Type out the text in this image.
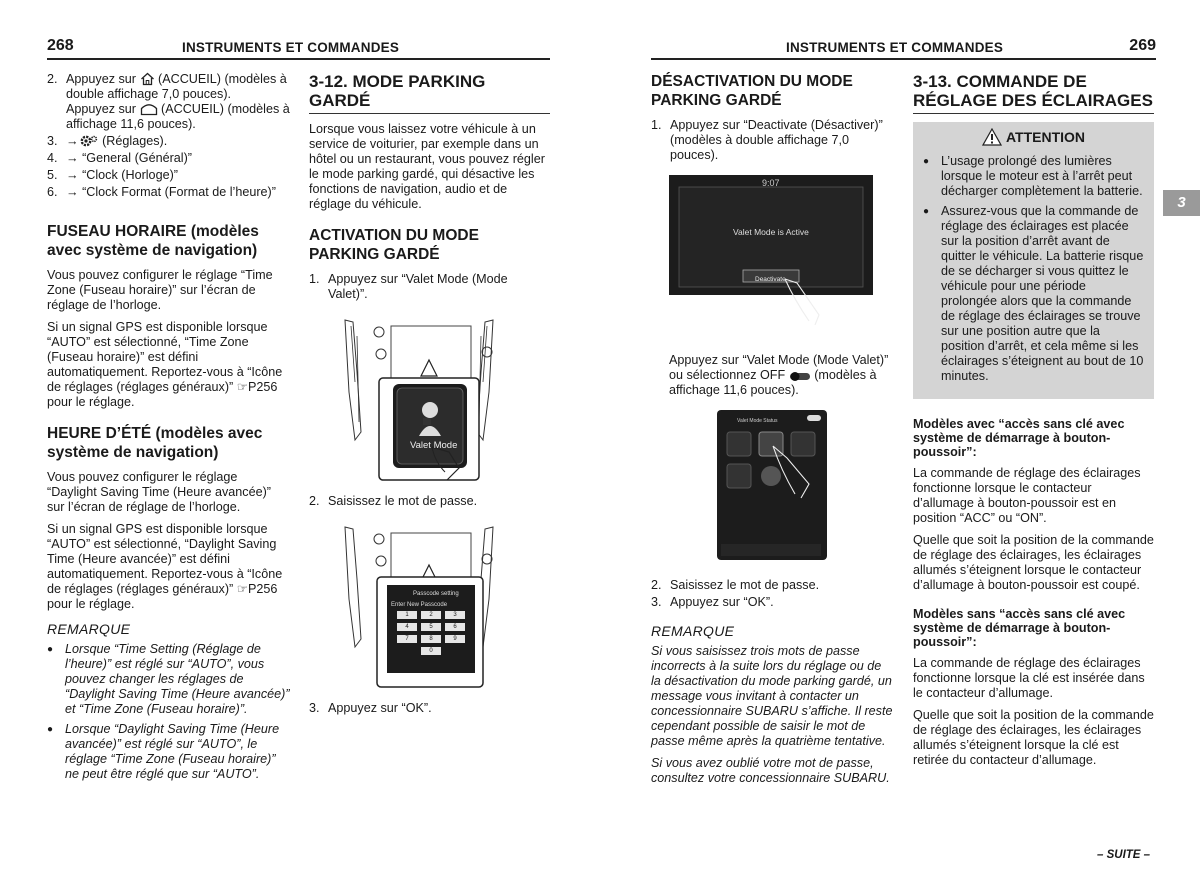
268	INSTRUMENTS ET COMMANDES
2. Appuyez sur (ACCUEIL) (modèles à double affichage 7,0 pouces).
Appuyez sur (ACCUEIL) (modèles à affichage 11,6 pouces).
3. → (Réglages).
4. → “General (Général)”
5. → “Clock (Horloge)”
6. → “Clock Format (Format de l’heure)”
FUSEAU HORAIRE (modèles avec système de navigation)

Vous pouvez configurer le réglage “Time Zone (Fuseau horaire)” sur l’écran de réglage de l’horloge.

Si un signal GPS est disponible lorsque “AUTO” est sélectionné, “Time Zone (Fuseau horaire)” est défini automatiquement. Reportez-vous à “Icône de réglages (réglages généraux)” ☞P256 pour le réglage.

HEURE D’ÉTÉ (modèles avec système de navigation)

Vous pouvez configurer le réglage “Daylight Saving Time (Heure avancée)” sur l’écran de réglage de l’horloge.

Si un signal GPS est disponible lorsque “AUTO” est sélectionné, “Daylight Saving Time (Heure avancée)” est défini automatiquement. Reportez-vous à “Icône de réglages (réglages généraux)” ☞P256 pour le réglage.

REMARQUE
● Lorsque “Time Setting (Réglage de l’heure)” est réglé sur “AUTO”, vous pouvez changer les réglages de “Daylight Saving Time (Heure avancée)” et “Time Zone (Fuseau horaire)”.
● Lorsque “Daylight Saving Time (Heure avancée)” est réglé sur “AUTO”, le réglage “Time Zone (Fuseau horaire)” ne peut être réglé que sur “AUTO”.
3-12. MODE PARKING GARDÉ

Lorsque vous laissez votre véhicule à un service de voiturier, par exemple dans un hôtel ou un restaurant, vous pouvez régler le mode parking gardé, qui désactive les fonctions de navigation, audio et de réglage du véhicule.

ACTIVATION DU MODE PARKING GARDÉ
1. Appuyez sur “Valet Mode (Mode Valet)”.
Valet Mode
2. Saisissez le mot de passe.
Passcode setting
Enter New Passcode
1	2	3
4	5	6
7	8	9
0
3. Appuyez sur “OK”.
INSTRUMENTS ET COMMANDES	269
DÉSACTIVATION DU MODE PARKING GARDÉ
1. Appuyez sur “Deactivate (Désactiver)” (modèles à double affichage 7,0 pouces).
9:07
Valet Mode is Active
Deactivate

Appuyez sur “Valet Mode (Mode Valet)” ou sélectionnez OFF (modèles à affichage 11,6 pouces).

Valet Mode Status
2. Saisissez le mot de passe.
3. Appuyez sur “OK”.
REMARQUE

Si vous saisissez trois mots de passe incorrects à la suite lors du réglage ou de la désactivation du mode parking gardé, un message vous invitant à contacter un concessionnaire SUBARU s’affiche. Il reste cependant possible de saisir le mot de passe même après la quatrième tentative.

Si vous avez oublié votre mot de passe, consultez votre concessionnaire SUBARU.

3-13. COMMANDE DE RÉGLAGE DES ÉCLAIRAGES
ATTENTION
● L’usage prolongé des lumières lorsque le moteur est à l’arrêt peut décharger complètement la batterie.
● Assurez-vous que la commande de réglage des éclairages est placée sur la position d’arrêt avant de quitter le véhicule. La batterie risque de se décharger si vous quittez le véhicule pour une période prolongée alors que la commande de réglage des éclairages se trouve sur une position autre que la position d’arrêt, et cela même si les éclairages s’éteignent au bout de 10 minutes.
Modèles avec “accès sans clé avec système de démarrage à bouton-poussoir”:

La commande de réglage des éclairages fonctionne lorsque le contacteur d’allumage à bouton-poussoir est en position “ACC” ou “ON”.

Quelle que soit la position de la commande de réglage des éclairages, les éclairages allumés s’éteignent lorsque le contacteur d’allumage à bouton-poussoir est coupé.

Modèles sans “accès sans clé avec système de démarrage à bouton-poussoir”:

La commande de réglage des éclairages fonctionne lorsque la clé est insérée dans le contacteur d’allumage.

Quelle que soit la position de la commande de réglage des éclairages, les éclairages allumés s’éteignent lorsque la clé est retirée du contacteur d’allumage.

3
– SUITE –
